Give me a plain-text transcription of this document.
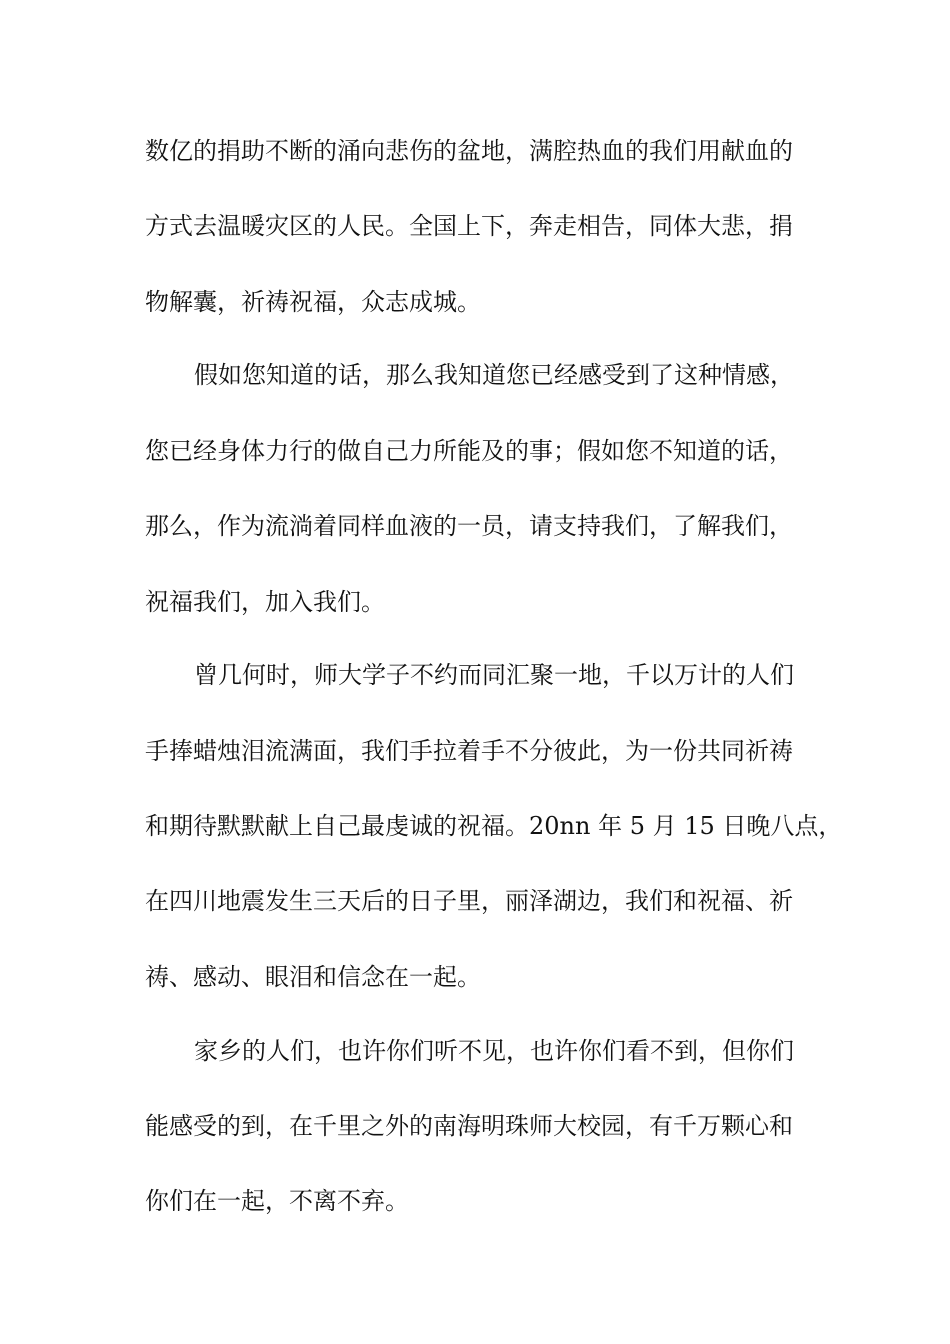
数亿的捐助不断的涌向悲伤的盆地，满腔热血的我们用献血的
方式去温暖灾区的人民。全国上下，奔走相告，同体大悲，捐
物解囊，祈祷祝福，众志成城。
假如您知道的话，那么我知道您已经感受到了这种情感，
您已经身体力行的做自己力所能及的事；假如您不知道的话，
那么，作为流淌着同样血液的一员，请支持我们，了解我们，
祝福我们，加入我们。
曾几何时，师大学子不约而同汇聚一地，千以万计的人们
手捧蜡烛泪流满面，我们手拉着手不分彼此，为一份共同祈祷
和期待默默献上自己最虔诚的祝福。20nn 年 5 月 15 日晚八点，
在四川地震发生三天后的日子里，丽泽湖边，我们和祝福、祈
祷、感动、眼泪和信念在一起。
家乡的人们，也许你们听不见，也许你们看不到，但你们
能感受的到，在千里之外的南海明珠师大校园，有千万颗心和
你们在一起，不离不弃。
